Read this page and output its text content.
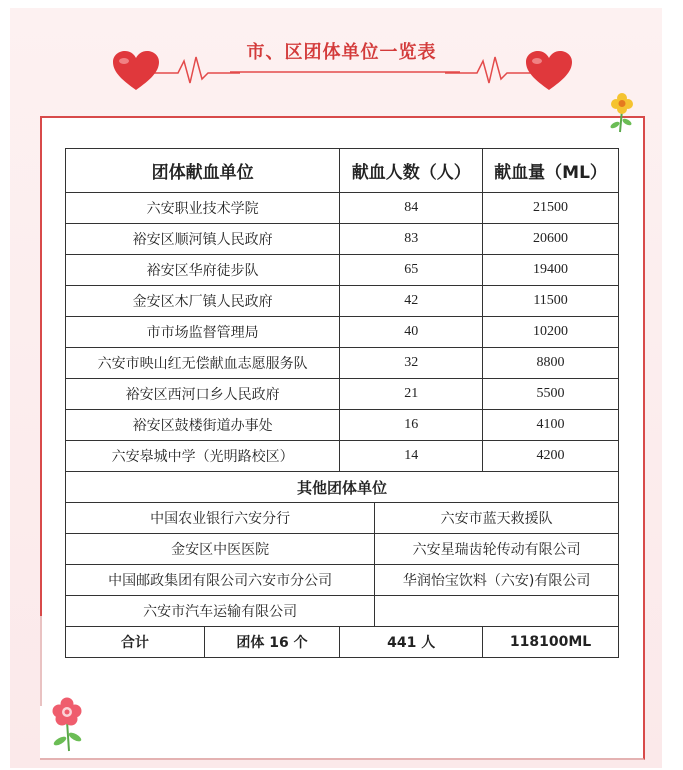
市、区团体单位一览表
团体献血单位		献血人数（人）		献血量（ML）
六安职业技术学院		84		21500
裕安区顺河镇人民政府		83		20600
裕安区华府徒步队		65		19400
金安区木厂镇人民政府		42		11500
市市场监督管理局		40		10200
六安市映山红无偿献血志愿服务队		32		8800
裕安区西河口乡人民政府		21		5500
裕安区鼓楼街道办事处		16		4100
六安皋城中学（光明路校区）		14		4200
其他团体单位				
中国农业银行六安分行			六安市蓝天救援队	
金安区中医医院			六安星瑞齿轮传动有限公司	
中国邮政集团有限公司六安市分公司			华润怡宝饮料（六安)有限公司	
六安市汽车运输有限公司				
合计	团体 16 个	441 人		118100ML
